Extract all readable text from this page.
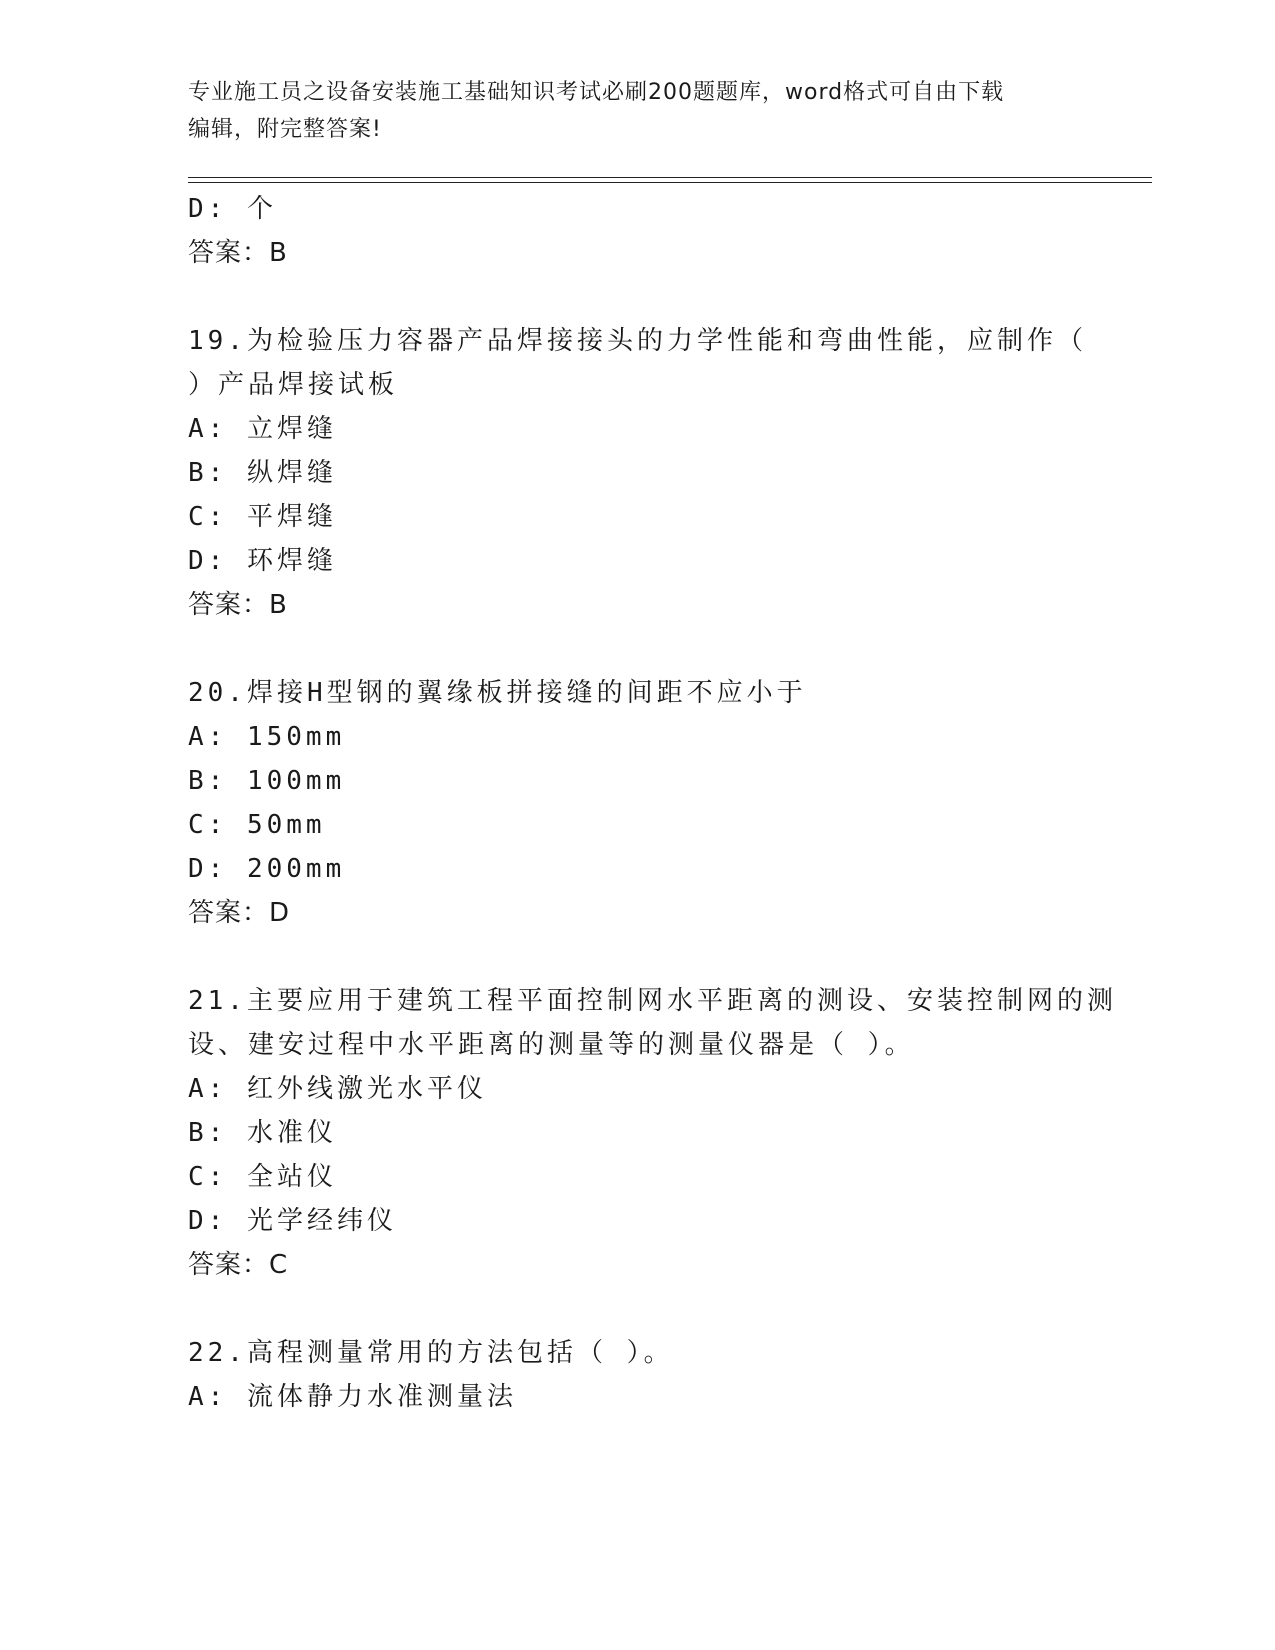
专业施工员之设备安装施工基础知识考试必刷200题题库，word格式可自由下载
编辑，附完整答案!
D: 个
答案：B
19.为检验压力容器产品焊接接头的力学性能和弯曲性能，应制作（
）产品焊接试板
A: 立焊缝
B: 纵焊缝
C: 平焊缝
D: 环焊缝
答案：B
20.焊接H型钢的翼缘板拼接缝的间距不应小于
A: 150mm
B: 100mm
C: 50mm
D: 200mm
答案：D
21.主要应用于建筑工程平面控制网水平距离的测设、安装控制网的测
设、建安过程中水平距离的测量等的测量仪器是（ ）。
A: 红外线激光水平仪
B: 水准仪
C: 全站仪
D: 光学经纬仪
答案：C
22.高程测量常用的方法包括（ ）。
A: 流体静力水准测量法
